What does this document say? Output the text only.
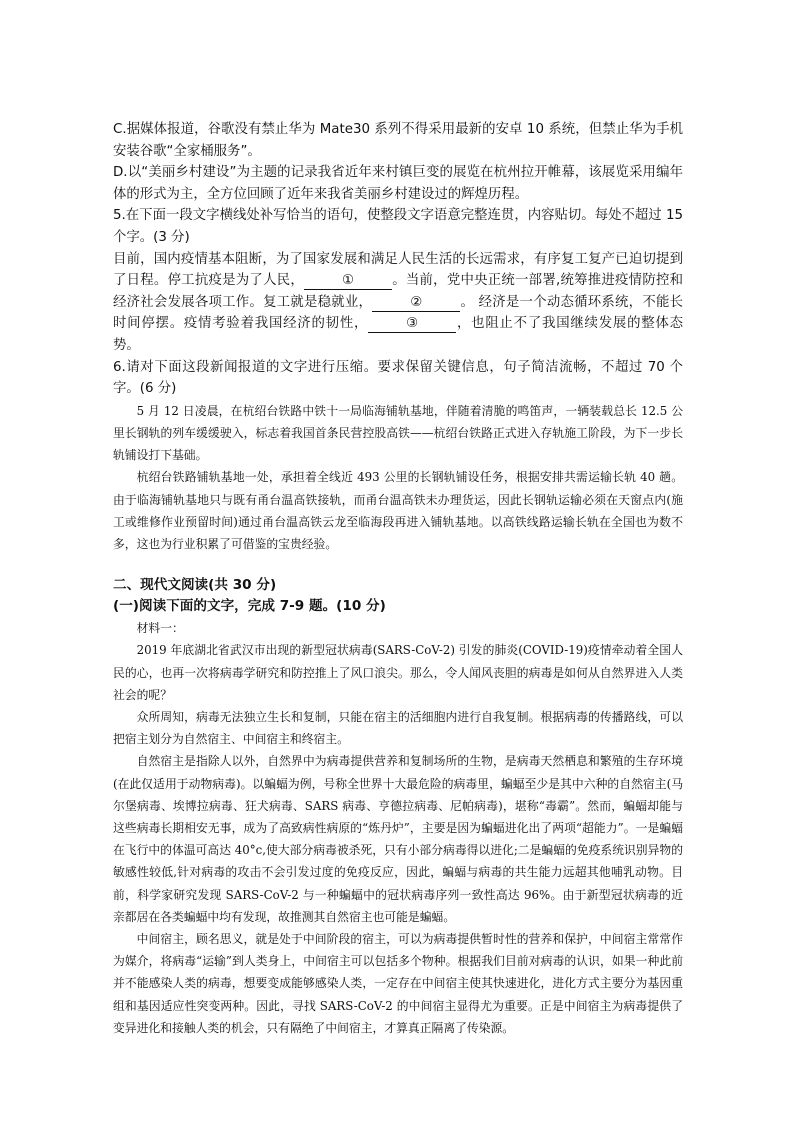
C.据媒体报道，谷歌没有禁止华为 Mate30 系列不得采用最新的安卓 10 系统，但禁止华为手机安装谷歌“全家桶服务”。

D.以“美丽乡村建设”为主题的记录我省近年来村镇巨变的展览在杭州拉开帷幕，该展览采用编年体的形式为主，全方位回顾了近年来我省美丽乡村建设过的辉煌历程。

5.在下面一段文字横线处补写恰当的语句，使整段文字语意完整连贯，内容贴切。每处不超过 15 个字。(3 分)

目前，国内疫情基本阻断，为了国家发展和满足人民生活的长远需求，有序复工复产已迫切提到了日程。停工抗疫是为了人民，	①	。当前，党中央正统一部署,统筹推进疫情防控和经济社会发展各项工作。复工就是稳就业，	②	。 经济是一个动态循环系统，不能长时间停摆。疫情考验着我国经济的韧性，	③	，也阻止不了我国继续发展的整体态势。

6.请对下面这段新闻报道的文字进行压缩。要求保留关键信息，句子简洁流畅，不超过 70 个字。(6 分)

5 月 12 日凌晨，在杭绍台铁路中铁十一局临海铺轨基地，伴随着清脆的鸣笛声，一辆装载总长 12.5 公里长钢轨的列车缓缓驶入，标志着我国首条民营控股高铁——杭绍台铁路正式进入存轨施工阶段，为下一步长轨铺设打下基础。

杭绍台铁路铺轨基地一处，承担着全线近 493 公里的长钢轨铺设任务，根据安排共需运输长轨 40 趟。由于临海铺轨基地只与既有甬台温高铁接轨，而甬台温高铁未办理货运，因此长钢轨运输必须在天窗点内(施工或维修作业预留时间)通过甬台温高铁云龙至临海段再进入铺轨基地。以高铁线路运输长轨在全国也为数不多，这也为行业积累了可借鉴的宝贵经验。

二、现代文阅读(共 30 分)

(一)阅读下面的文字，完成 7-9 题。(10 分)

材料一：

2019 年底湖北省武汉市出现的新型冠状病毒(SARS-CoV-2) 引发的肺炎(COVID-19)疫情牵动着全国人民的心，也再一次将病毒学研究和防控推上了风口浪尖。那么，令人闻风丧胆的病毒是如何从自然界进入人类社会的呢？

众所周知，病毒无法独立生长和复制，只能在宿主的活细胞内进行自我复制。根据病毒的传播路线，可以把宿主划分为自然宿主、中间宿主和终宿主。

自然宿主是指除人以外，自然界中为病毒提供营养和复制场所的生物，是病毒天然栖息和繁殖的生存环境(在此仅适用于动物病毒)。以蝙蝠为例，号称全世界十大最危险的病毒里，蝙蝠至少是其中六种的自然宿主(马尔堡病毒、埃博拉病毒、狂犬病毒、SARS 病毒、亨德拉病毒、尼帕病毒)，堪称“毒霸”。然而，蝙蝠却能与这些病毒长期相安无事，成为了高致病性病原的“炼丹炉”，主要是因为蝙蝠进化出了两项“超能力”。一是蝙蝠在飞行中的体温可高达 40°c,使大部分病毒被杀死，只有小部分病毒得以进化;二是蝙蝠的免疫系统识别异物的敏感性较低,针对病毒的攻击不会引发过度的免疫反应，因此，蝙蝠与病毒的共生能力远超其他哺乳动物。目前，科学家研究发现 SARS-CoV-2 与一种蝙蝠中的冠状病毒序列一致性高达 96%。由于新型冠状病毒的近亲都居在各类蝙蝠中均有发现，故推测其自然宿主也可能是蝙蝠。

中间宿主，顾名思义，就是处于中间阶段的宿主，可以为病毒提供暂时性的营养和保护，中间宿主常常作为媒介，将病毒“运输”到人类身上，中间宿主可以包括多个物种。根据我们目前对病毒的认识，如果一种此前并不能感染人类的病毒，想要变成能够感染人类，一定存在中间宿主使其快速进化，进化方式主要分为基因重组和基因适应性突变两种。因此，寻找 SARS-CoV-2 的中间宿主显得尤为重要。正是中间宿主为病毒提供了变异进化和接触人类的机会，只有隔绝了中间宿主，才算真正隔离了传染源。
